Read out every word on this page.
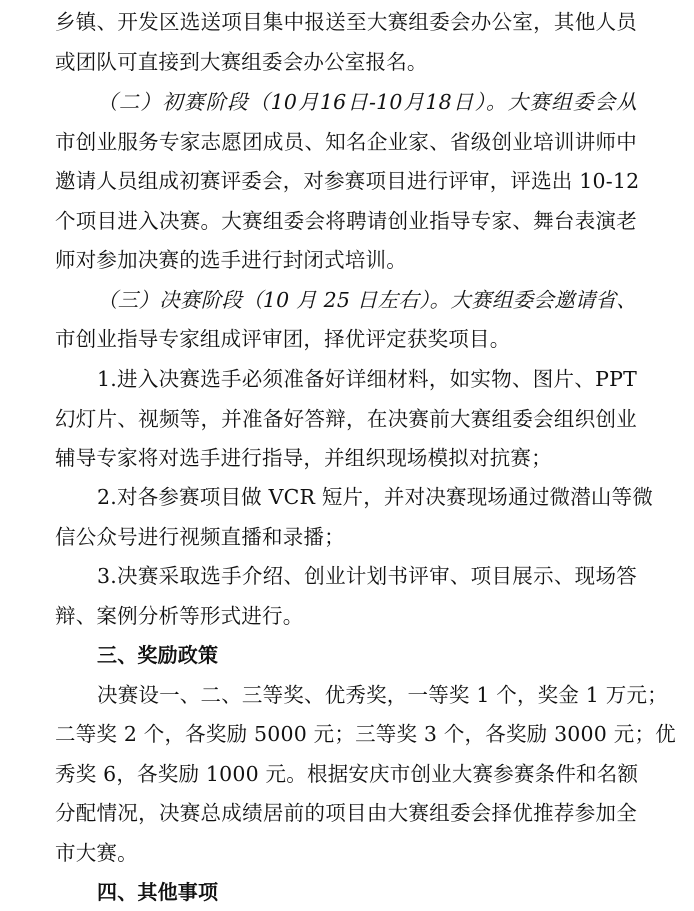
乡镇、开发区选送项目集中报送至大赛组委会办公室，其他人员
或团队可直接到大赛组委会办公室报名。
（二）初赛阶段（10月16日-10月18日）。大赛组委会从
市创业服务专家志愿团成员、知名企业家、省级创业培训讲师中
邀请人员组成初赛评委会，对参赛项目进行评审，评选出 10-12
个项目进入决赛。大赛组委会将聘请创业指导专家、舞台表演老
师对参加决赛的选手进行封闭式培训。
（三）决赛阶段（10 月 25 日左右）。大赛组委会邀请省、
市创业指导专家组成评审团，择优评定获奖项目。
1.进入决赛选手必须准备好详细材料，如实物、图片、PPT
幻灯片、视频等，并准备好答辩，在决赛前大赛组委会组织创业
辅导专家将对选手进行指导，并组织现场模拟对抗赛；
2.对各参赛项目做 VCR 短片，并对决赛现场通过微潜山等微
信公众号进行视频直播和录播；
3.决赛采取选手介绍、创业计划书评审、项目展示、现场答
辩、案例分析等形式进行。
三、奖励政策
决赛设一、二、三等奖、优秀奖，一等奖 1 个，奖金 1 万元；
二等奖 2 个，各奖励 5000 元；三等奖 3 个，各奖励 3000 元；优
秀奖 6，各奖励 1000 元。根据安庆市创业大赛参赛条件和名额
分配情况，决赛总成绩居前的项目由大赛组委会择优推荐参加全
市大赛。
四、其他事项
